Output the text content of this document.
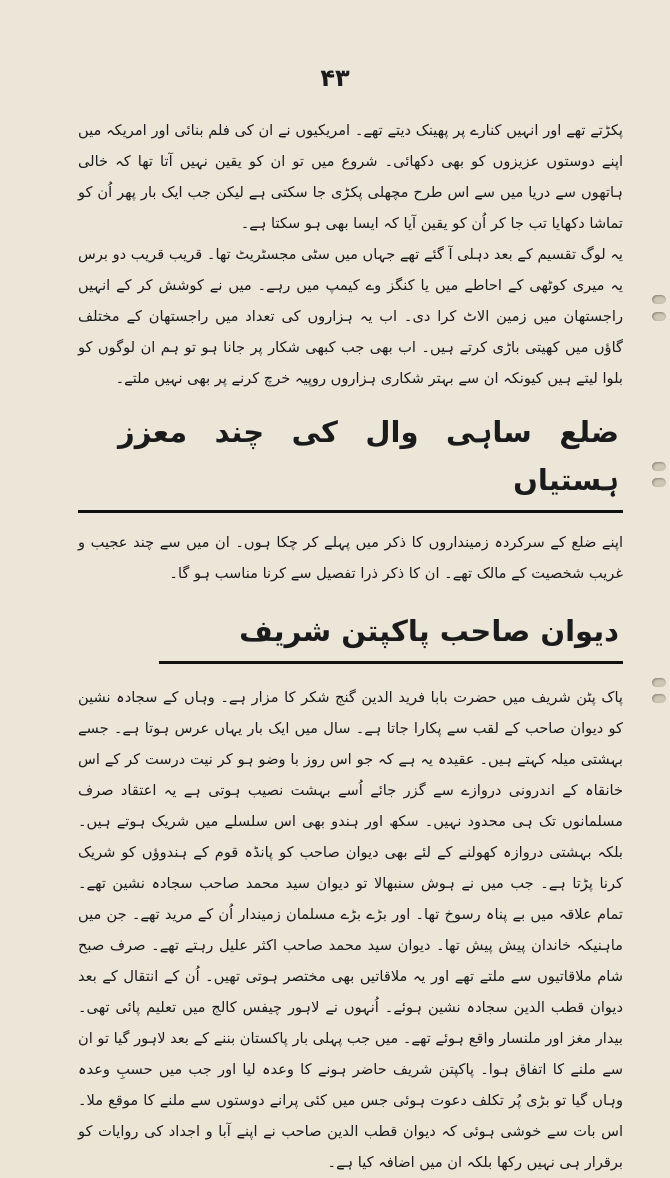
۴۳

پکڑتے تھے اور انہیں کنارے پر پھینک دیتے تھے۔ امریکیوں نے ان کی فلم بنائی اور امریکہ میں اپنے دوستوں عزیزوں کو بھی دکھائی۔ شروع میں تو ان کو یقین نہیں آتا تھا کہ خالی ہاتھوں سے دریا میں سے اس طرح مچھلی پکڑی جا سکتی ہے لیکن جب ایک بار پھر اُن کو تماشا دکھایا تب جا کر اُن کو یقین آیا کہ ایسا بھی ہو سکتا ہے۔

یہ لوگ تقسیم کے بعد دہلی آ گئے تھے جہاں میں سٹی مجسٹریٹ تھا۔ قریب قریب دو برس یہ میری کوٹھی کے احاطے میں یا کنگز وے کیمپ میں رہے۔ میں نے کوشش کر کے انہیں راجستھان میں زمین الاٹ کرا دی۔ اب یہ ہزاروں کی تعداد میں راجستھان کے مختلف گاؤں میں کھیتی باڑی کرتے ہیں۔ اب بھی جب کبھی شکار پر جانا ہو تو ہم ان لوگوں کو بلوا لیتے ہیں کیونکہ ان سے بہتر شکاری ہزاروں روپیہ خرچ کرنے پر بھی نہیں ملتے۔

ضلع ساہی وال کی چند معزز ہستیاں

اپنے ضلع کے سرکردہ زمینداروں کا ذکر میں پہلے کر چکا ہوں۔ ان میں سے چند عجیب و غریب شخصیت کے مالک تھے۔ ان کا ذکر ذرا تفصیل سے کرنا مناسب ہو گا۔

دیوان صاحب پاکپتن شریف

پاک پٹن شریف میں حضرت بابا فرید الدین گنج شکر کا مزار ہے۔ وہاں کے سجادہ نشین کو دیوان صاحب کے لقب سے پکارا جاتا ہے۔ سال میں ایک بار یہاں عرس ہوتا ہے۔ جسے بہشتی میلہ کہتے ہیں۔ عقیدہ یہ ہے کہ جو اس روز با وضو ہو کر نیت درست کر کے اس خانقاہ کے اندرونی دروازے سے گزر جائے اُسے بہشت نصیب ہوتی ہے یہ اعتقاد صرف مسلمانوں تک ہی محدود نہیں۔ سکھ اور ہندو بھی اس سلسلے میں شریک ہوتے ہیں۔ بلکہ بہشتی دروازہ کھولنے کے لئے بھی دیوان صاحب کو پانڈہ قوم کے ہندوؤں کو شریک کرنا پڑتا ہے۔ جب میں نے ہوش سنبھالا تو دیوان سید محمد صاحب سجادہ نشین تھے۔ تمام علاقہ میں بے پناہ رسوخ تھا۔ اور بڑے بڑے مسلمان زمیندار اُن کے مرید تھے۔ جن میں ماہنیکہ خاندان پیش پیش تھا۔ دیوان سید محمد صاحب اکثر علیل رہتے تھے۔ صرف صبح شام ملاقاتیوں سے ملتے تھے اور یہ ملاقاتیں بھی مختصر ہوتی تھیں۔ اُن کے انتقال کے بعد دیوان قطب الدین سجادہ نشین ہوئے۔ اُنہوں نے لاہور چیفس کالج میں تعلیم پائی تھی۔ بیدار مغز اور ملنسار واقع ہوئے تھے۔ میں جب پہلی بار پاکستان بننے کے بعد لاہور گیا تو ان سے ملنے کا اتفاق ہوا۔ پاکپتن شریف حاضر ہونے کا وعدہ لیا اور جب میں حسبِ وعدہ وہاں گیا تو بڑی پُر تکلف دعوت ہوئی جس میں کئی پرانے دوستوں سے ملنے کا موقع ملا۔ اس بات سے خوشی ہوئی کہ دیوان قطب الدین صاحب نے اپنے آبا و اجداد کی روایات کو برقرار ہی نہیں رکھا بلکہ ان میں اضافہ کیا ہے۔
